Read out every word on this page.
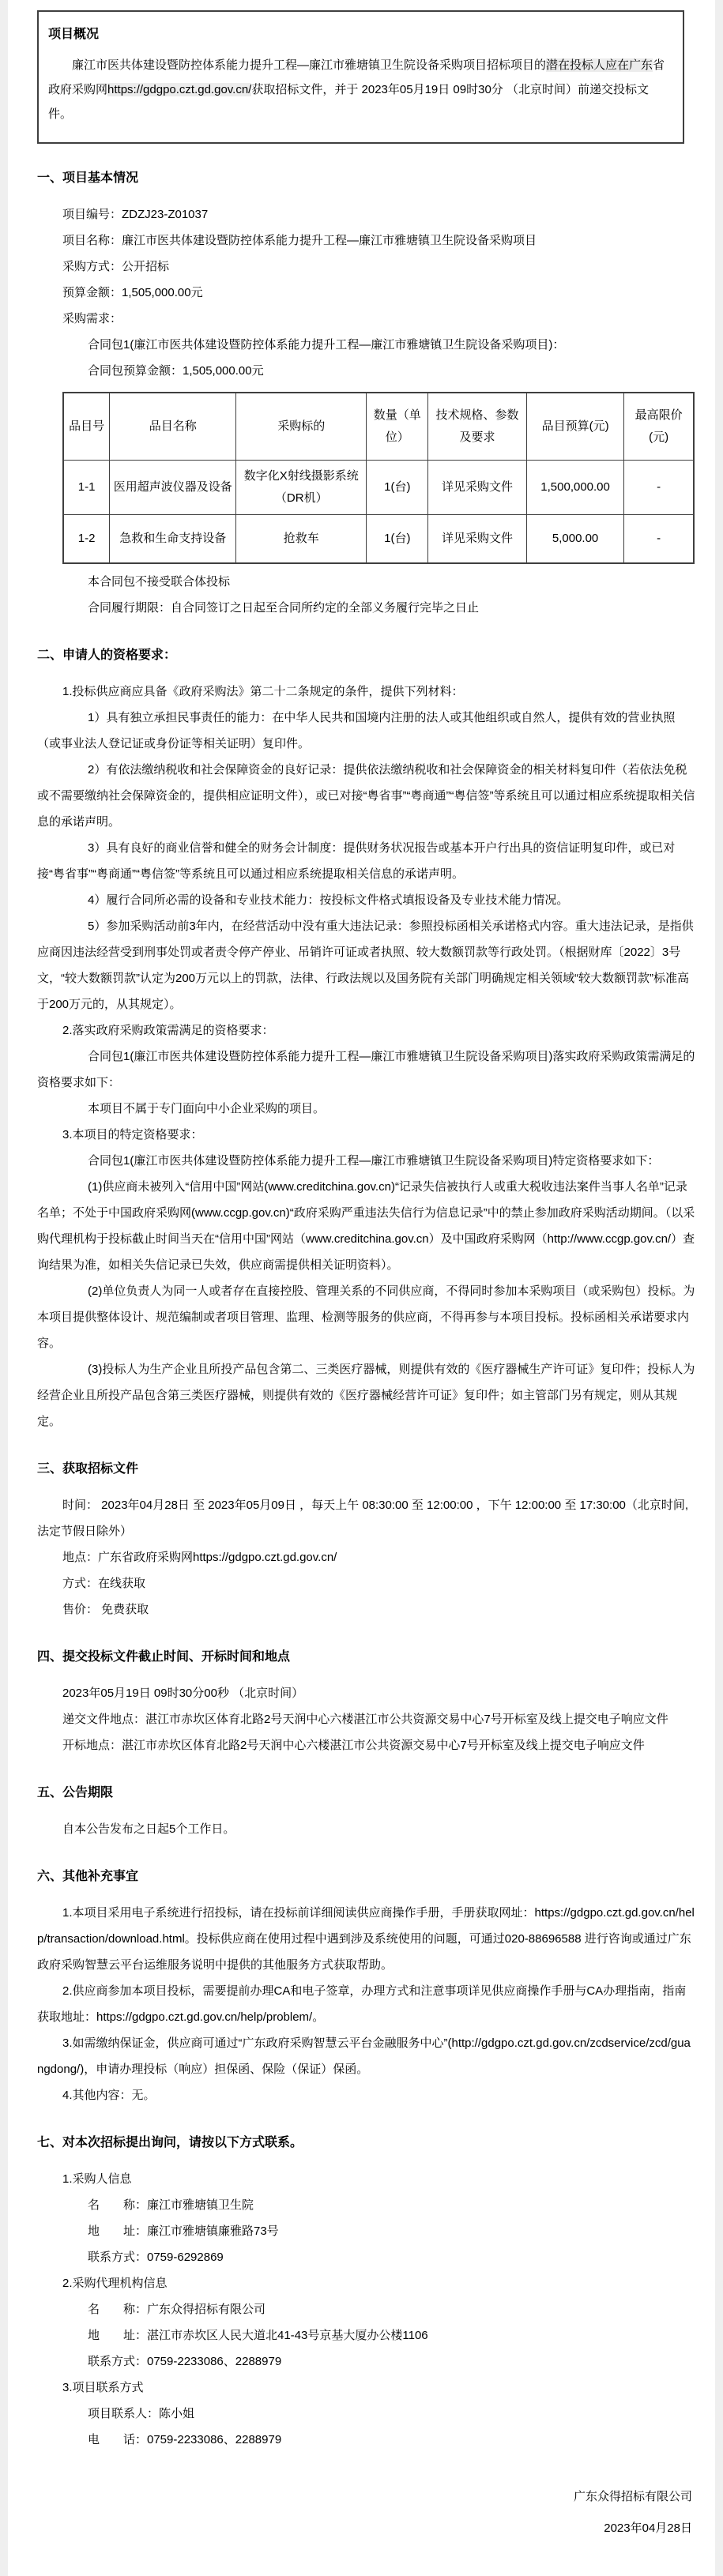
项目概况

廉江市医共体建设暨防控体系能力提升工程—廉江市雅塘镇卫生院设备采购项目招标项目的潜在投标人应在广东省政府采购网https://gdgpo.czt.gd.gov.cn/获取招标文件，并于 2023年05月19日 09时30分 （北京时间）前递交投标文件。

一、项目基本情况

项目编号：ZDZJ23-Z01037

项目名称：廉江市医共体建设暨防控体系能力提升工程—廉江市雅塘镇卫生院设备采购项目

采购方式：公开招标

预算金额：1,505,000.00元

采购需求：

合同包1(廉江市医共体建设暨防控体系能力提升工程—廉江市雅塘镇卫生院设备采购项目)：

合同包预算金额：1,505,000.00元

品目号	品目名称	采购标的	数量（单位）	技术规格、参数及要求	品目预算(元)	最高限价(元)
1-1	医用超声波仪器及设备	数字化X射线摄影系统（DR机）	1(台)	详见采购文件	1,500,000.00	-
1-2	急救和生命支持设备	抢救车	1(台)	详见采购文件	5,000.00	-

本合同包不接受联合体投标

合同履行期限：自合同签订之日起至合同所约定的全部义务履行完毕之日止

二、申请人的资格要求：

1.投标供应商应具备《政府采购法》第二十二条规定的条件，提供下列材料：

1）具有独立承担民事责任的能力：在中华人民共和国境内注册的法人或其他组织或自然人，提供有效的营业执照（或事业法人登记证或身份证等相关证明）复印件。

2）有依法缴纳税收和社会保障资金的良好记录：提供依法缴纳税收和社会保障资金的相关材料复印件（若依法免税或不需要缴纳社会保障资金的，提供相应证明文件），或已对接“粤省事”“粤商通”“粤信签”等系统且可以通过相应系统提取相关信息的承诺声明。

3）具有良好的商业信誉和健全的财务会计制度：提供财务状况报告或基本开户行出具的资信证明复印件，或已对接“粤省事”“粤商通”“粤信签”等系统且可以通过相应系统提取相关信息的承诺声明。

4）履行合同所必需的设备和专业技术能力：按投标文件格式填报设备及专业技术能力情况。

5）参加采购活动前3年内，在经营活动中没有重大违法记录：参照投标函相关承诺格式内容。重大违法记录，是指供应商因违法经营受到刑事处罚或者责令停产停业、吊销许可证或者执照、较大数额罚款等行政处罚。（根据财库〔2022〕3号文，“较大数额罚款”认定为200万元以上的罚款，法律、行政法规以及国务院有关部门明确规定相关领域“较大数额罚款”标准高于200万元的，从其规定）。

2.落实政府采购政策需满足的资格要求：

合同包1(廉江市医共体建设暨防控体系能力提升工程—廉江市雅塘镇卫生院设备采购项目)落实政府采购政策需满足的资格要求如下：

本项目不属于专门面向中小企业采购的项目。

3.本项目的特定资格要求：

合同包1(廉江市医共体建设暨防控体系能力提升工程—廉江市雅塘镇卫生院设备采购项目)特定资格要求如下：

(1)供应商未被列入“信用中国”网站(www.creditchina.gov.cn)“记录失信被执行人或重大税收违法案件当事人名单”记录名单；不处于中国政府采购网(www.ccgp.gov.cn)“政府采购严重违法失信行为信息记录”中的禁止参加政府采购活动期间。（以采购代理机构于投标截止时间当天在“信用中国”网站（www.creditchina.gov.cn）及中国政府采购网（http://www.ccgp.gov.cn/）查询结果为准，如相关失信记录已失效，供应商需提供相关证明资料）。

(2)单位负责人为同一人或者存在直接控股、管理关系的不同供应商，不得同时参加本采购项目（或采购包）投标。为本项目提供整体设计、规范编制或者项目管理、监理、检测等服务的供应商，不得再参与本项目投标。投标函相关承诺要求内容。

(3)投标人为生产企业且所投产品包含第二、三类医疗器械，则提供有效的《医疗器械生产许可证》复印件；投标人为经营企业且所投产品包含第三类医疗器械，则提供有效的《医疗器械经营许可证》复印件；如主管部门另有规定，则从其规定。

三、获取招标文件

时间： 2023年04月28日 至 2023年05月09日 ，每天上午 08:30:00 至 12:00:00 ，下午 12:00:00 至 17:30:00（北京时间,法定节假日除外）

地点：广东省政府采购网https://gdgpo.czt.gd.gov.cn/

方式：在线获取

售价： 免费获取

四、提交投标文件截止时间、开标时间和地点

2023年05月19日 09时30分00秒 （北京时间）

递交文件地点：湛江市赤坎区体育北路2号天润中心六楼湛江市公共资源交易中心7号开标室及线上提交电子响应文件

开标地点：湛江市赤坎区体育北路2号天润中心六楼湛江市公共资源交易中心7号开标室及线上提交电子响应文件

五、公告期限

自本公告发布之日起5个工作日。

六、其他补充事宜

1.本项目采用电子系统进行招投标，请在投标前详细阅读供应商操作手册，手册获取网址：https://gdgpo.czt.gd.gov.cn/help/transaction/download.html。投标供应商在使用过程中遇到涉及系统使用的问题，可通过020-88696588 进行咨询或通过广东政府采购智慧云平台运维服务说明中提供的其他服务方式获取帮助。

2.供应商参加本项目投标，需要提前办理CA和电子签章，办理方式和注意事项详见供应商操作手册与CA办理指南，指南获取地址：https://gdgpo.czt.gd.gov.cn/help/problem/。

3.如需缴纳保证金，供应商可通过“广东政府采购智慧云平台金融服务中心”(http://gdgpo.czt.gd.gov.cn/zcdservice/zcd/guangdong/)，申请办理投标（响应）担保函、保险（保证）保函。

4.其他内容：无。

七、对本次招标提出询问，请按以下方式联系。

1.采购人信息

名　　称：廉江市雅塘镇卫生院

地　　址：廉江市雅塘镇廉雅路73号

联系方式：0759-6292869

2.采购代理机构信息

名　　称：广东众得招标有限公司

地　　址：湛江市赤坎区人民大道北41-43号京基大厦办公楼1106

联系方式：0759-2233086、2288979

3.项目联系方式

项目联系人：陈小姐

电　　话：0759-2233086、2288979

广东众得招标有限公司

2023年04月28日
